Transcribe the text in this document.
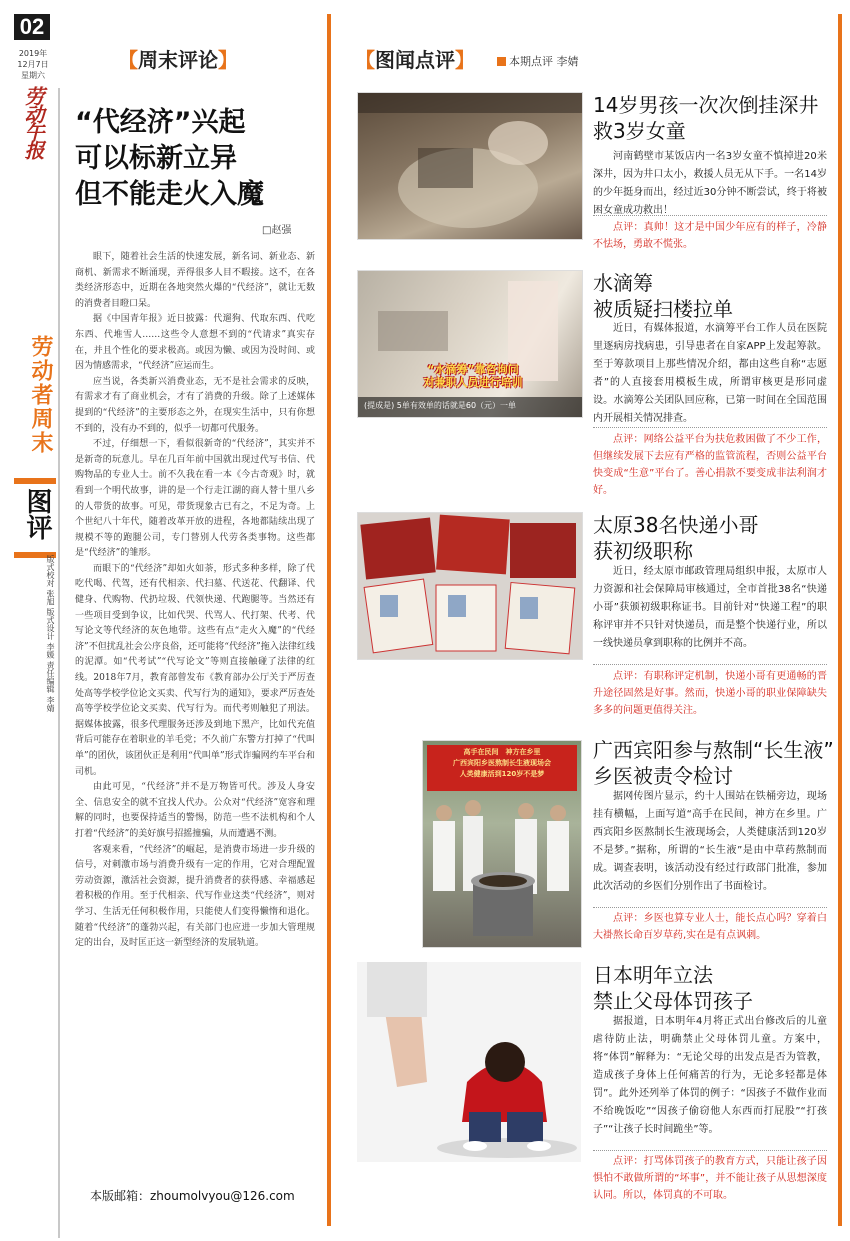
02
2019年
12月7日
星期六
劳动午报
劳动者周末
图评
版式校对 张旭 版式设计 李媛 责任编辑 李婧
【周末评论】
“代经济”兴起
可以标新立异
但不能走火入魔
□赵强

眼下，随着社会生活的快速发展，新名词、新业态、新商机、新需求不断涌现，弄得很多人目不暇接。这不，在各类经济形态中，近期在各地突然火爆的“代经济”，就让无数的消费者目瞪口呆。

据《中国青年报》近日披露：代遛狗、代取东西、代吃东西、代堆雪人……这些令人意想不到的“代请求”真实存在，并且个性化的要求极高。或因为懒、或因为没时间、或因为情感需求，“代经济”应运而生。

应当说，各类新兴消费业态，无不是社会需求的反映，有需求才有了商业机会，才有了消费的升级。除了上述媒体提到的“代经济”的主要形态之外，在现实生活中，只有你想不到的，没有办不到的，似乎一切都可代服务。

不过，仔细想一下，看似很新奇的“代经济”，其实并不是新奇的玩意儿。早在几百年前中国就出现过代写书信、代购物品的专业人士。前不久我在看一本《今古奇观》时，就看到一个明代故事，讲的是一个行走江湖的商人替十里八乡的人带货的故事。可见，带货现象古已有之，不足为奇。上个世纪八十年代，随着改革开放的进程，各地都陆续出现了规模不等的跑腿公司，专门替别人代劳各类事物。这些都是“代经济”的雏形。

而眼下的“代经济”却如火如荼，形式多种多样，除了代吃代喝、代驾，还有代相亲、代扫墓、代送花、代翻译、代健身、代购物、代扔垃圾、代领快递、代跑腿等。当然还有一些项目受到争议，比如代哭、代骂人、代打架、代考、代写论文等代经济的灰色地带。这些有点“走火入魔”的“代经济”不但扰乱社会公序良俗，还可能将“代经济”拖入法律红线的泥潭。如“代考试”“代写论文”等则直接触碰了法律的红线。2018年7月，教育部曾发布《教育部办公厅关于严厉查处高等学校学位论文买卖、代写行为的通知》，要求严厉查处高等学校学位论文买卖、代写行为。而代考则触犯了刑法。据媒体披露，很多代理服务还涉及到地下黑产，比如代充值背后可能存在着职业的羊毛党；不久前广东警方打掉了“代叫单”的团伙，该团伙正是利用“代叫单”形式诈骗网约车平台和司机。

由此可见，“代经济”并不是万物皆可代。涉及人身安全、信息安全的就不宜找人代办。公众对“代经济”宽容和理解的同时，也要保持适当的警惕，防范一些不法机构和个人打着“代经济”的美好旗号招摇撞骗，从而遭遇不测。

客观来看，“代经济”的崛起，是消费市场进一步升级的信号，对刺激市场与消费升级有一定的作用，它对合理配置劳动资源，激活社会资源，提升消费者的获得感、幸福感起着积极的作用。至于代相亲、代写作业这类“代经济”，则对学习、生活无任何积极作用，只能使人们变得懒惰和退化。随着“代经济”的蓬勃兴起，有关部门也应进一步加大管理规定的出台，及时匡正这一新型经济的发展轨道。

本版邮箱：zhoumolvyou@126.com
【图闻点评】	本期点评 李婧
14岁男孩一次次倒挂深井
救3岁女童

河南鹤壁市某饭店内一名3岁女童不慎掉进20米深井，因为井口太小，救援人员无从下手。一名14岁的少年挺身而出，经过近30分钟不断尝试，终于将被困女童成功救出！

点评：真帅！这才是中国少年应有的样子，冷静不怯场，勇敢不慌张。

“水滴筹”靠咨询问
对兼职人员进行培训
(提成是) 5单有效单的话就是60（元）一单
水滴筹
被质疑扫楼拉单

近日，有媒体报道，水滴筹平台工作人员在医院里逐病房找病患，引导患者在自家APP上发起筹款。至于筹款项目上那些情况介绍，都由这些自称“志愿者”的人直接套用模板生成，所谓审核更是形同虚设。水滴筹公关团队回应称，已第一时间在全国范围内开展相关情况排查。

点评：网络公益平台为扶危救困做了不少工作，但继续发展下去应有严格的监管流程，否则公益平台快变成“生意”平台了。善心捐款不要变成非法利润才好。

太原38名快递小哥
获初级职称

近日，经太原市邮政管理局组织申报，太原市人力资源和社会保障局审核通过，全市首批38名“快递小哥”获颁初级职称证书。目前针对“快递工程”的职称评审并不只针对快递员，而是整个快递行业，所以一线快递员拿到职称的比例并不高。

点评：有职称评定机制，快递小哥有更通畅的晋升途径固然是好事。然而，快递小哥的职业保障缺失多多的问题更值得关注。

高手在民间　神方在乡里
广西宾阳乡医熬制长生液现场会
人类健康活到120岁不是梦
广西宾阳参与熬制“长生液”
乡医被责令检讨

据网传图片显示，约十人围站在铁桶旁边，现场挂有横幅，上面写道“高手在民间，神方在乡里。广西宾阳乡医熬制长生液现场会，人类健康活到120岁不是梦。”据称，所谓的“长生液”是由中草药熬制而成。调查表明，该活动没有经过行政部门批准，参加此次活动的乡医们分别作出了书面检讨。

点评：乡医也算专业人士，能长点心吗？穿着白大褂熬长命百岁草药,实在是有点讽刺。

日本明年立法
禁止父母体罚孩子

据报道，日本明年4月将正式出台修改后的儿童虐待防止法，明确禁止父母体罚儿童。方案中，将“体罚”解释为：“无论父母的出发点是否为管教，造成孩子身体上任何痛苦的行为，无论多轻都是体罚”。此外还列举了体罚的例子：“因孩子不做作业而不给晚饭吃”“因孩子偷窃他人东西而打屁股”“打孩子”“让孩子长时间跪坐”等。

点评：打骂体罚孩子的教育方式，只能让孩子因惧怕不敢做所谓的“坏事”，并不能让孩子从思想深度认同。所以，体罚真的不可取。
